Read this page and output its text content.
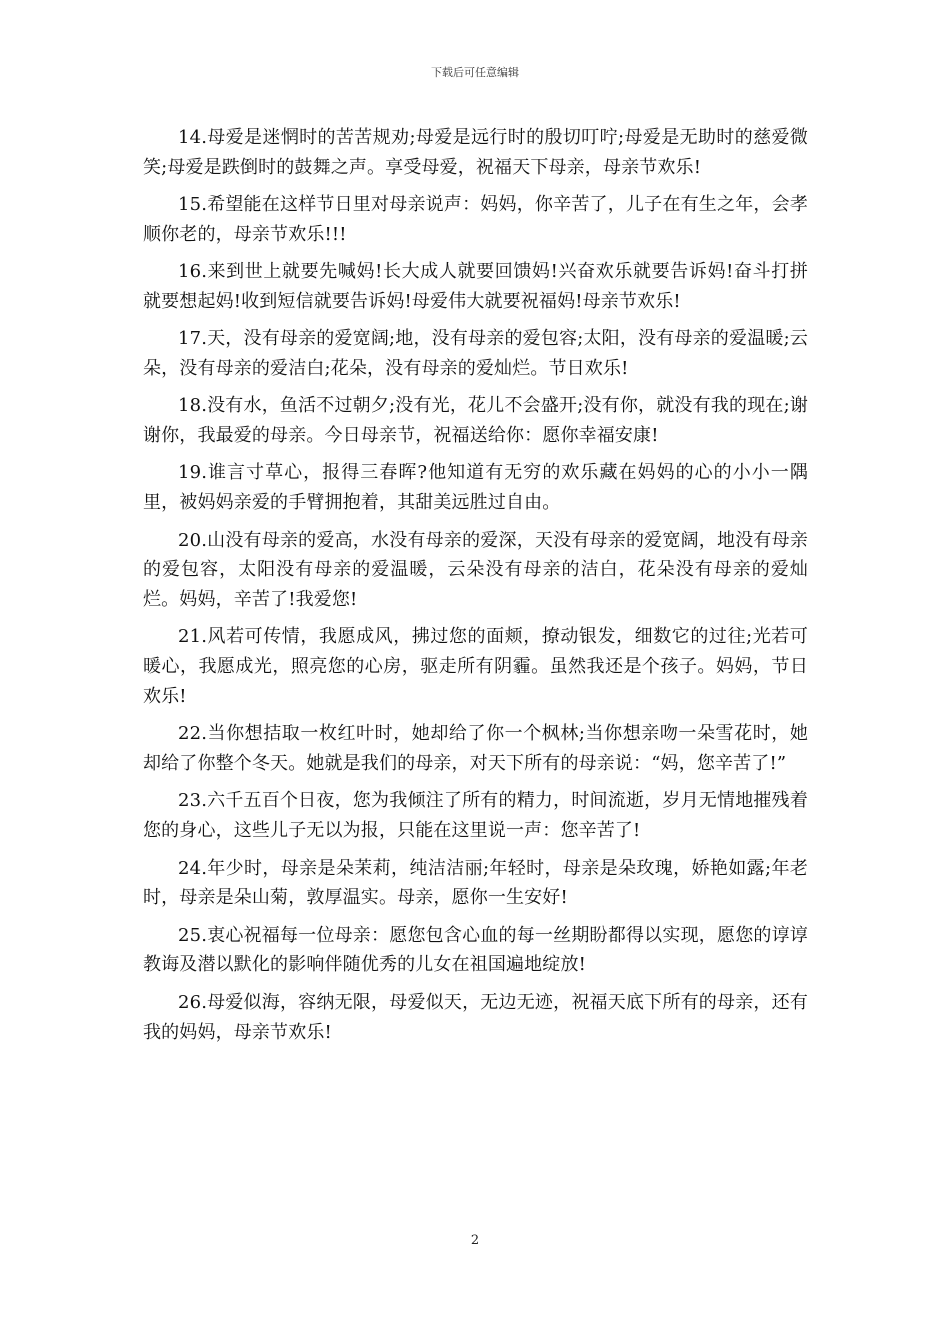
下载后可任意编辑

14.母爱是迷惘时的苦苦规劝;母爱是远行时的殷切叮咛;母爱是无助时的慈爱微笑;母爱是跌倒时的鼓舞之声。享受母爱，祝福天下母亲，母亲节欢乐!

15.希望能在这样节日里对母亲说声：妈妈，你辛苦了，儿子在有生之年，会孝顺你老的，母亲节欢乐!!!

16.来到世上就要先喊妈!长大成人就要回馈妈!兴奋欢乐就要告诉妈!奋斗打拼就要想起妈!收到短信就要告诉妈!母爱伟大就要祝福妈!母亲节欢乐!

17.天，没有母亲的爱宽阔;地，没有母亲的爱包容;太阳，没有母亲的爱温暖;云朵，没有母亲的爱洁白;花朵，没有母亲的爱灿烂。节日欢乐!

18.没有水，鱼活不过朝夕;没有光，花儿不会盛开;没有你，就没有我的现在;谢谢你，我最爱的母亲。今日母亲节，祝福送给你：愿你幸福安康!

19.谁言寸草心，报得三春晖?他知道有无穷的欢乐藏在妈妈的心的小小一隅里，被妈妈亲爱的手臂拥抱着，其甜美远胜过自由。

20.山没有母亲的爱高，水没有母亲的爱深，天没有母亲的爱宽阔，地没有母亲的爱包容，太阳没有母亲的爱温暖，云朵没有母亲的洁白，花朵没有母亲的爱灿烂。妈妈，辛苦了!我爱您!

21.风若可传情，我愿成风，拂过您的面颊，撩动银发，细数它的过往;光若可暖心，我愿成光，照亮您的心房，驱走所有阴霾。虽然我还是个孩子。妈妈，节日欢乐!

22.当你想拮取一枚红叶时，她却给了你一个枫林;当你想亲吻一朵雪花时，她却给了你整个冬天。她就是我们的母亲，对天下所有的母亲说：“妈，您辛苦了!”

23.六千五百个日夜，您为我倾注了所有的精力，时间流逝，岁月无情地摧残着您的身心，这些儿子无以为报，只能在这里说一声：您辛苦了!

24.年少时，母亲是朵茉莉，纯洁洁丽;年轻时，母亲是朵玫瑰，娇艳如露;年老时，母亲是朵山菊，敦厚温实。母亲，愿你一生安好!

25.衷心祝福每一位母亲：愿您包含心血的每一丝期盼都得以实现，愿您的谆谆教诲及潜以默化的影响伴随优秀的儿女在祖国遍地绽放!

26.母爱似海，容纳无限，母爱似天，无边无迹，祝福天底下所有的母亲，还有我的妈妈，母亲节欢乐!

2
